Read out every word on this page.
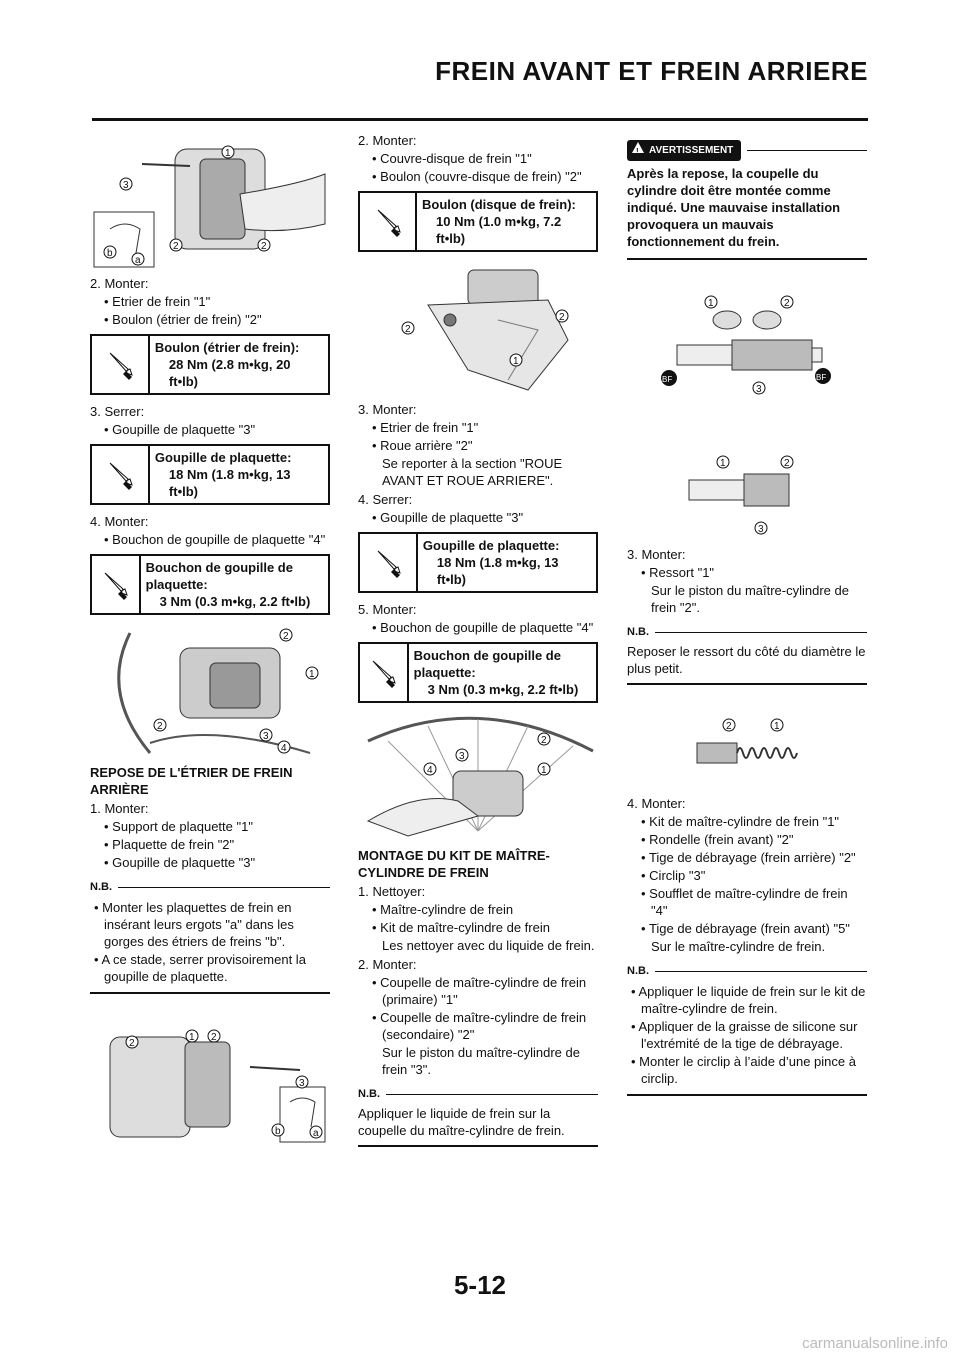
FREIN AVANT ET FREIN ARRIERE
1
3
2	2
a
b
2. Monter:
• Etrier de frein "1"
• Boulon (étrier de frein) "2"
Boulon (étrier de frein):
28 Nm (2.8 m•kg, 20 ft•lb)
3. Serrer:
• Goupille de plaquette "3"
Goupille de plaquette:
18 Nm (1.8 m•kg, 13 ft•lb)
4. Monter:
• Bouchon de goupille de plaquette "4"
Bouchon de goupille de plaquette:
3 Nm (0.3 m•kg, 2.2 ft•lb)
2
1
2
3
4
REPOSE DE L'ÉTRIER DE FREIN ARRIÈRE
1. Monter:
• Support de plaquette "1"
• Plaquette de frein "2"
• Goupille de plaquette "3"
N.B.
• Monter les plaquettes de frein en insérant leurs ergots "a" dans les gorges des étriers de freins "b".
• A ce stade, serrer provisoirement la goupille de plaquette.
2
1 2
3
b	a
2. Monter:
• Couvre-disque de frein "1"
• Boulon (couvre-disque de frein) "2"
Boulon (disque de frein):
10 Nm (1.0 m•kg, 7.2 ft•lb)
2
2
1
3. Monter:
• Etrier de frein "1"
• Roue arrière "2"
Se reporter à la section "ROUE AVANT ET ROUE ARRIERE".
4. Serrer:
• Goupille de plaquette "3"
Goupille de plaquette:
18 Nm (1.8 m•kg, 13 ft•lb)
5. Monter:
• Bouchon de goupille de plaquette "4"
Bouchon de goupille de plaquette:
3 Nm (0.3 m•kg, 2.2 ft•lb)
2
3
4	1
MONTAGE DU KIT DE MAÎTRE-CYLINDRE DE FREIN
1. Nettoyer:
• Maître-cylindre de frein
• Kit de maître-cylindre de frein
Les nettoyer avec du liquide de frein.
2. Monter:
• Coupelle de maître-cylindre de frein (primaire) "1"
• Coupelle de maître-cylindre de frein (secondaire) "2"
Sur le piston du maître-cylindre de frein "3".
N.B.
Appliquer le liquide de frein sur la coupelle du maître-cylindre de frein.
!
AVERTISSEMENT
Après la repose, la coupelle du cylindre doit être montée comme indiqué. Une mauvaise installation provoquera un mauvais fonctionnement du frein.
1	2
3
BF	BF
1	2
3
3. Monter:
• Ressort "1"
Sur le piston du maître-cylindre de frein "2".
N.B.
Reposer le ressort du côté du diamètre le plus petit.
2	1
4. Monter:
• Kit de maître-cylindre de frein "1"
• Rondelle (frein avant) "2"
• Tige de débrayage (frein arrière) "2"
• Circlip "3"
• Soufflet de maître-cylindre de frein "4"
• Tige de débrayage (frein avant) "5"
Sur le maître-cylindre de frein.
N.B.
• Appliquer le liquide de frein sur le kit de maître-cylindre de frein.
• Appliquer de la graisse de silicone sur l'extrémité de la tige de débrayage.
• Monter le circlip à l’aide d’une pince à circlip.
5-12
carmanualsonline.info
